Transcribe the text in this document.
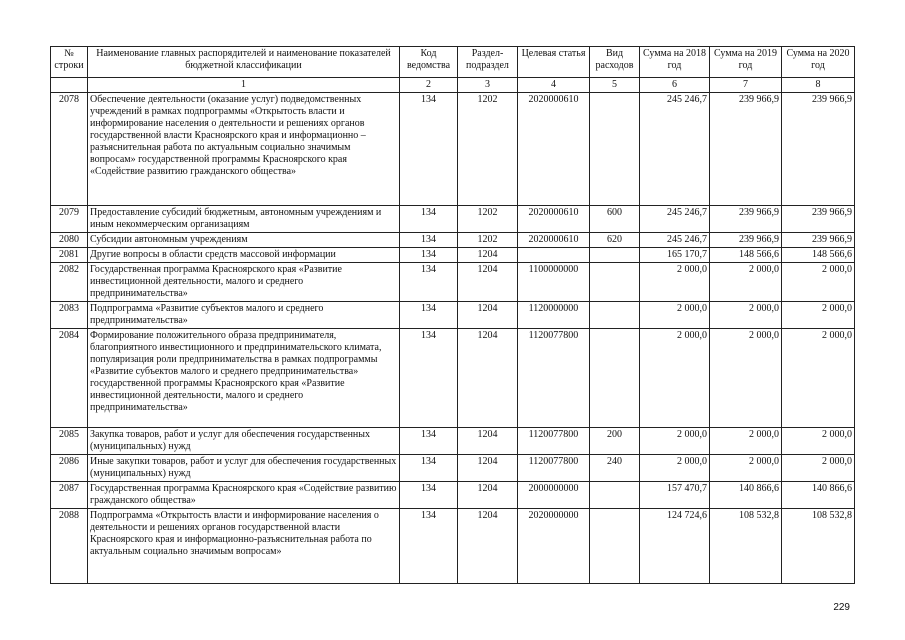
№ строки	Наименование главных распорядителей и наименование показателей бюджетной классификации	Код ведомства	Раздел-подраздел	Целевая статья	Вид расходов	Сумма на 2018 год	Сумма на 2019 год	Сумма на 2020 год
	1	2	3	4	5	6	7	8
2078	Обеспечение деятельности (оказание услуг) подведомственных учреждений в рамках подпрограммы «Открытость власти и информирование населения о деятельности и решениях органов государственной власти Красноярского края и информационно – разъяснительная работа по актуальным социально значимым вопросам» государственной программы Красноярского края «Содействие развитию гражданского общества»	134	1202	2020000610		245 246,7	239 966,9	239 966,9
2079	Предоставление субсидий бюджетным, автономным учреждениям и иным некоммерческим организациям	134	1202	2020000610	600	245 246,7	239 966,9	239 966,9
2080	Субсидии автономным учреждениям	134	1202	2020000610	620	245 246,7	239 966,9	239 966,9
2081	Другие вопросы в области средств массовой информации	134	1204			165 170,7	148 566,6	148 566,6
2082	Государственная программа Красноярского края «Развитие инвестиционной деятельности, малого и среднего предпринимательства»	134	1204	1100000000		2 000,0	2 000,0	2 000,0
2083	Подпрограмма «Развитие субъектов малого и среднего предпринимательства»	134	1204	1120000000		2 000,0	2 000,0	2 000,0
2084	Формирование положительного образа предпринимателя, благоприятного инвестиционного и предпринимательского климата, популяризация роли предпринимательства в рамках подпрограммы «Развитие субъектов малого и среднего предпринимательства» государственной программы Красноярского края «Развитие инвестиционной деятельности, малого и среднего предпринимательства»	134	1204	1120077800		2 000,0	2 000,0	2 000,0
2085	Закупка товаров, работ и услуг для обеспечения государственных (муниципальных) нужд	134	1204	1120077800	200	2 000,0	2 000,0	2 000,0
2086	Иные закупки товаров, работ и услуг для обеспечения государственных (муниципальных) нужд	134	1204	1120077800	240	2 000,0	2 000,0	2 000,0
2087	Государственная программа Красноярского края «Содействие развитию гражданского общества»	134	1204	2000000000		157 470,7	140 866,6	140 866,6
2088	Подпрограмма «Открытость власти и информирование населения о деятельности и решениях органов государственной власти Красноярского края и информационно-разъяснительная работа по актуальным социально значимым вопросам»	134	1204	2020000000		124 724,6	108 532,8	108 532,8
229
